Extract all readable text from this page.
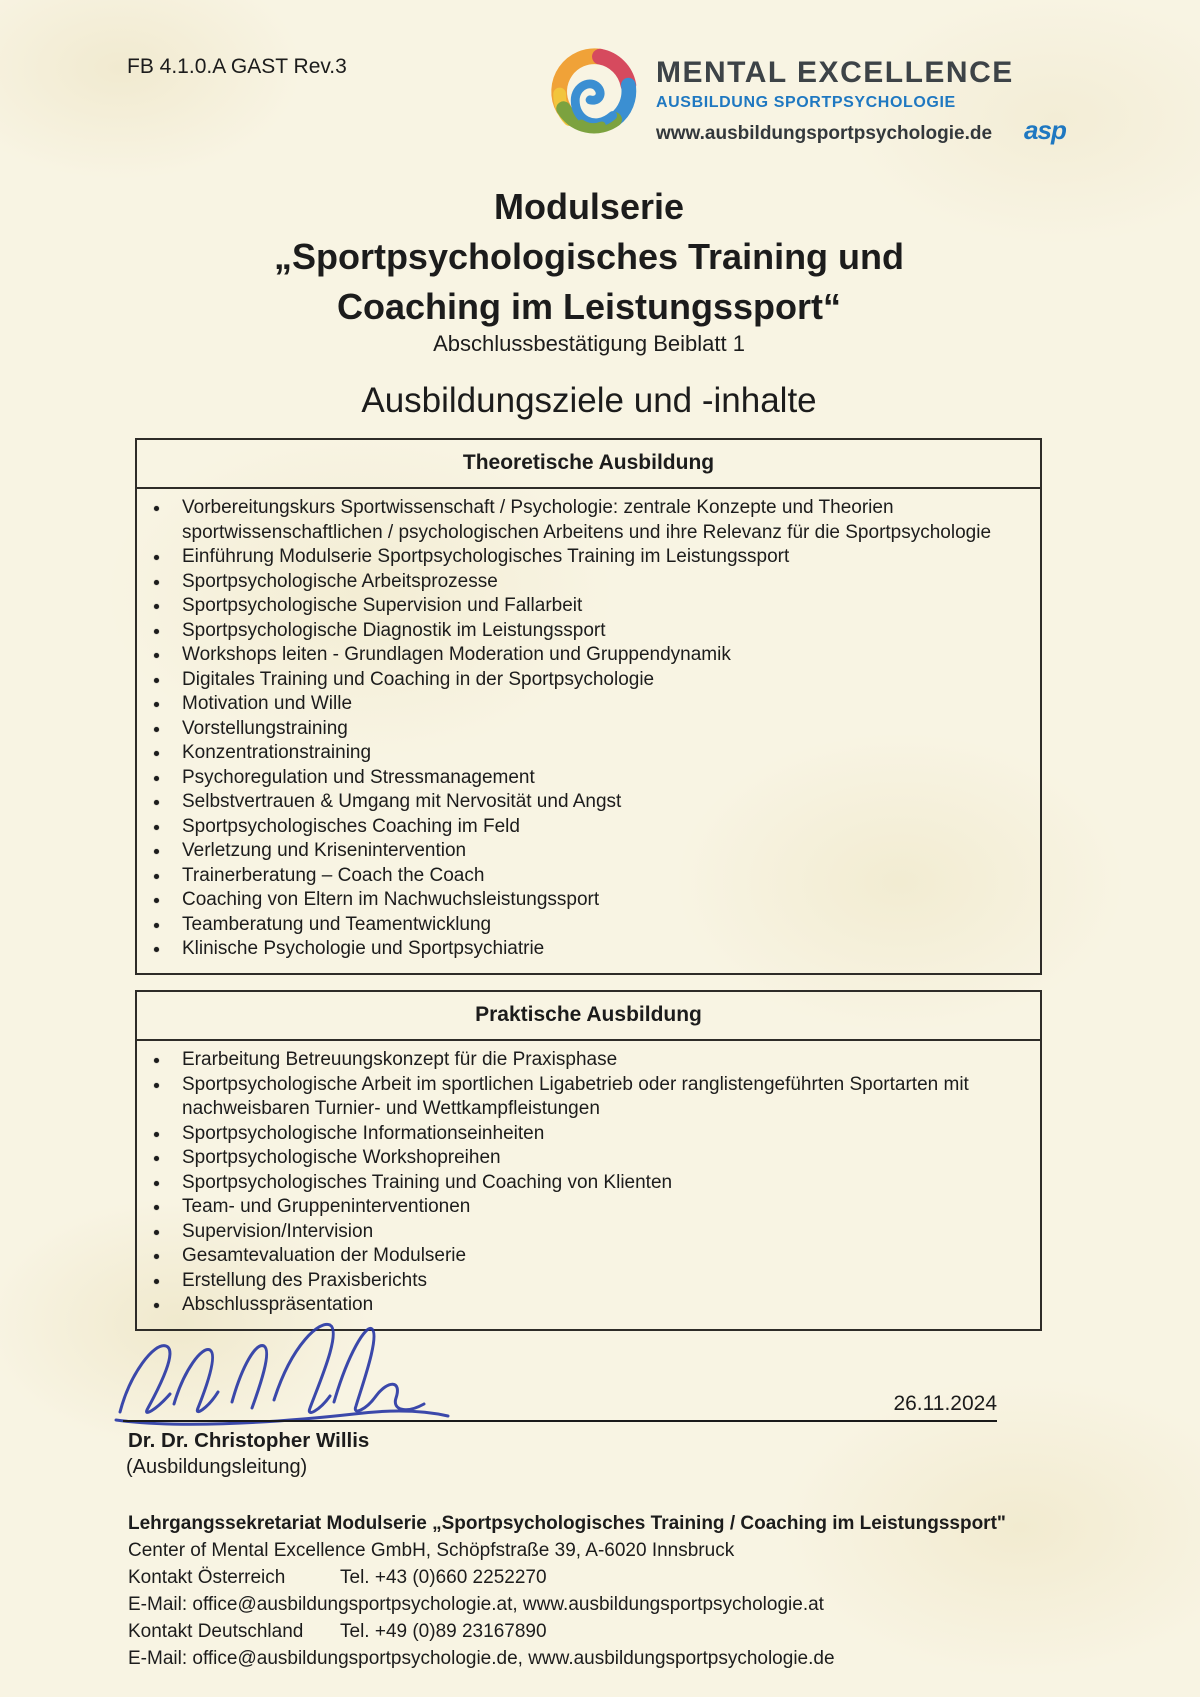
FB 4.1.0.A GAST Rev.3	MENTAL EXCELLENCE
AUSBILDUNG SPORTPSYCHOLOGIE
www.ausbildungsportpsychologie.de asp
Modulserie
„Sportpsychologisches Training und
Coaching im Leistungssport“
Abschlussbestätigung Beiblatt 1
Ausbildungsziele und -inhalte
Theoretische Ausbildung
Vorbereitungskurs Sportwissenschaft / Psychologie: zentrale Konzepte und Theorien sportwissenschaftlichen / psychologischen Arbeitens und ihre Relevanz für die Sportpsychologie
Einführung Modulserie Sportpsychologisches Training im Leistungssport
Sportpsychologische Arbeitsprozesse
Sportpsychologische Supervision und Fallarbeit
Sportpsychologische Diagnostik im Leistungssport
Workshops leiten - Grundlagen Moderation und Gruppendynamik
Digitales Training und Coaching in der Sportpsychologie
Motivation und Wille
Vorstellungstraining
Konzentrationstraining
Psychoregulation und Stressmanagement
Selbstvertrauen & Umgang mit Nervosität und Angst
Sportpsychologisches Coaching im Feld
Verletzung und Krisenintervention
Trainerberatung – Coach the Coach
Coaching von Eltern im Nachwuchsleistungssport
Teamberatung und Teamentwicklung
Klinische Psychologie und Sportpsychiatrie
Praktische Ausbildung
Erarbeitung Betreuungskonzept für die Praxisphase
Sportpsychologische Arbeit im sportlichen Ligabetrieb oder ranglistengeführten Sportarten mit nachweisbaren Turnier- und Wettkampfleistungen
Sportpsychologische Informationseinheiten
Sportpsychologische Workshopreihen
Sportpsychologisches Training und Coaching von Klienten
Team- und Gruppeninterventionen
Supervision/Intervision
Gesamtevaluation der Modulserie
Erstellung des Praxisberichts
Abschlusspräsentation
26.11.2024
Dr. Dr. Christopher Willis
(Ausbildungsleitung)
Lehrgangssekretariat Modulserie „Sportpsychologisches Training / Coaching im Leistungssport"
Center of Mental Excellence GmbH, Schöpfstraße 39, A-6020 Innsbruck
Kontakt Österreich	Tel. +43 (0)660 2252270
E-Mail: office@ausbildungsportpsychologie.at, www.ausbildungsportpsychologie.at
Kontakt Deutschland Tel. +49 (0)89 23167890
E-Mail: office@ausbildungsportpsychologie.de, www.ausbildungsportpsychologie.de
